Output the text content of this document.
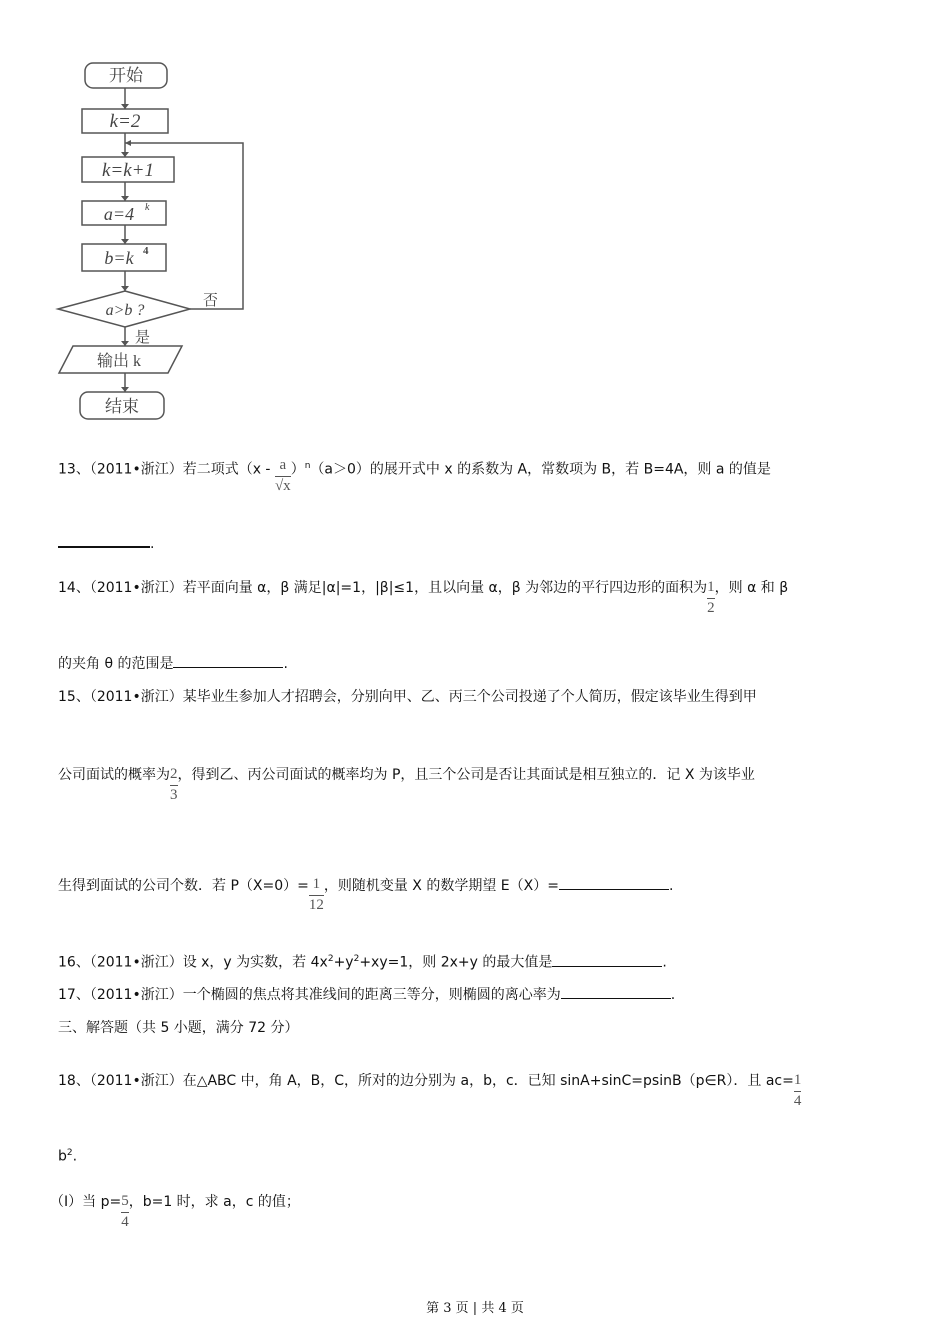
开始
k=2
k=k+1
a=4 k
b=k 4
a>b ?
否
是
输出 k
结束
13、（2011•浙江）若二项式$(x - \frac{a}{√x} )^n(a>0)$的展开式中 x 的系数为 A，常数项为 B，若 B=4A，则 a 的值是
.
14、（2011•浙江）若平面向量 α，β 满足|α|=1，|β|≤1，且以向量 α，β 为邻边的平行四边形的面积为 $\frac{1}{2}$ ，则 α 和 β
的夹角 θ 的范围是	.
15、（2011•浙江）某毕业生参加人才招聘会，分别向甲、乙、丙三个公司投递了个人简历，假定该毕业生得到甲
公司面试的概率为 $\frac{2}{3}$ ，得到乙、丙公司面试的概率均为 P，且三个公司是否让其面试是相互独立的．记 X 为该毕业
生得到面试的公司个数．若 $P(X=0)= \frac{1}{12}$ ，则随机变量 X 的数学期望 E（X）=	.
16、（2011•浙江）设 x，y 为实数，若 $4x^2+y^2+xy=1$，则 2x+y 的最大值是	.
17、（2011•浙江）一个椭圆的焦点将其准线间的距离三等分，则椭圆的离心率为	.
三、解答题（共 5 小题，满分 72 分）
18、（2011•浙江）在△ABC 中，角 A，B，C，所对的边分别为 a，b，c．已知 sinA+sinC=psinB（p∈R）．且 $ac= \frac{1}{4}$
$b^2$.
（Ⅰ）当 $p= \frac{5}{4}$ ，b=1 时，求 a，c 的值；
第 3 页 | 共 4 页
